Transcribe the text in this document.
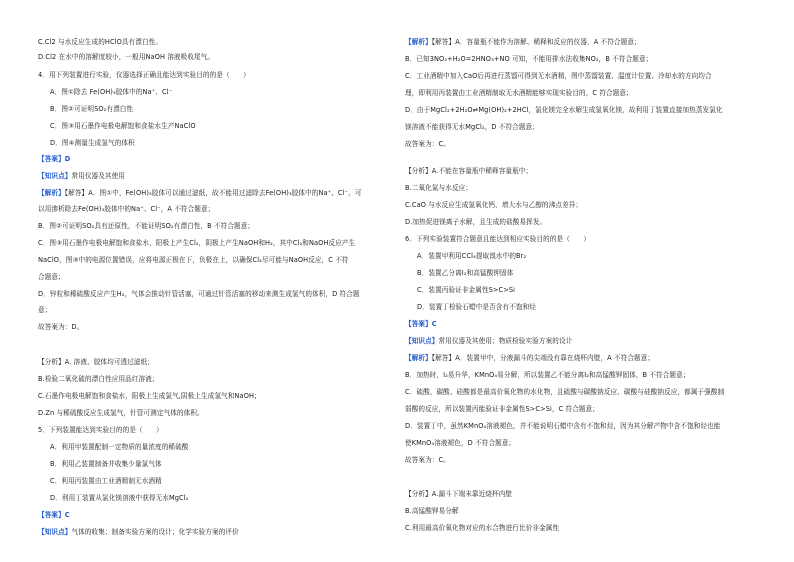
C.Cl2 与水反应生成的HClO具有漂白性。
D.Cl2 在水中的溶解度较小，一般用NaOH 溶液吸收尾气。
4．用下列装置进行实验，仪器选择正确且能达到实验目的的是（　　）
A．图①除去 Fe(OH)₃胶体中的Na⁺、Cl⁻
B．图②可证明SO₂有漂白性
C．图③用石墨作电极电解饱和食盐水生产NaClO
D．图④测量生成氢气的体积
【答案】D
【知识点】常用仪器及其使用
【解析】【解答】A．图①中，Fe(OH)₃胶体可以通过滤纸，故不能用过滤除去Fe(OH)₃胶体中的Na⁺、Cl⁻，可
以用渗析除去Fe(OH)₃胶体中的Na⁺、Cl⁻，A 不符合题意；
B．图②可证明SO₂具有还原性，不能证明SO₂有漂白性，B 不符合题意；
C．图③用石墨作电极电解饱和食盐水，阳极上产生Cl₂，阴极上产生NaOH和H₂，其中Cl₂和NaOH反应产生
NaClO，图③中的电源位置错误，应将电源正极在下，负极在上，以确保Cl₂尽可能与NaOH反应，C 不符
合题意；
D．锌粒和稀硫酸反应产生H₂，气体会推动针管活塞，可通过针管活塞的移动来测生成氢气的体积，D 符合题
意；
故答案为：D。
【分析】A. 溶液、胶体均可透过滤纸；
B.检验二氧化硫的漂白性应用品红溶液；
C.石墨作电极电解饱和食盐水，阳极上生成氯气,阴极上生成氢气和NaOH；
D.Zn 与稀硫酸反应生成氢气，针管可测定气体的体积。
5．下列装置能达到实验目的的是（　　）
A．利用甲装置配制一定物质的量浓度的稀硫酸
B．利用乙装置制备并收集少量氯气体
C．利用丙装置由工业酒精制无水酒精
D．利用丁装置从氯化镁溶液中获得无水MgCl₂
【答案】C
【知识点】气体的收集；制备实验方案的设计；化学实验方案的评价
【解析】【解答】A．容量瓶不能作为溶解、稀释和反应的仪器，A 不符合题意；
B．已知3NO₂+H₂O=2HNO₃+NO 可知，不能用排水法收集NO₂，B 不符合题意；
C．工业酒精中加入CaO后再进行蒸馏可得到无水酒精，图中蒸馏装置、温度计位置、冷却水的方向均合
理，即利用丙装置由工业酒精制取无水酒精能够实现实验目的，C 符合题意；
D．由于MgCl₂+2H₂O⇌Mg(OH)₂+2HCl，氯化镁完全水解生成氢氧化镁，故利用丁装置直接加热蒸发氯化
镁溶液不能获得无水MgCl₂，D 不符合题意；
故答案为：C。
【分析】A.不能在容量瓶中稀释容量瓶中；
B.二氧化氮与水反应；
C.CaO 与水反应生成氢氧化钙，增大水与乙醇的沸点差异；
D.加热促进镁离子水解，且生成的盐酸易挥发。
6．下列实验装置符合题意且能达到相应实验目的的是（　　）
A．装置甲利用CCl₄提取溴水中的Br₂
B．装置乙分离I₂和高锰酸钾固体
C．装置丙验证非金属性S>C>Si
D．装置丁检验石蜡中是否含有不饱和烃
【答案】C
【知识点】常用仪器及其使用；物质检验实验方案的设计
【解析】【解答】A．装置甲中，分液漏斗的尖端没有靠在烧杯内壁，A 不符合题意；
B．加热时，I₂易升华，KMnO₄易分解，所以装置乙不能分离I₂和高锰酸钾固体，B 不符合题意；
C．硫酸、碳酸、硅酸都是最高价氧化物的水化物，且硫酸与碳酸钠反应、碳酸与硅酸钠反应，都属于强酸制
弱酸的反应，所以装置丙能验证非金属性S>C>Si，C 符合题意；
D．装置丁中，虽然KMnO₄溶液褪色，并不能说明石蜡中含有不饱和烃，因为其分解产物中含不饱和烃也能
使KMnO₄溶液褪色，D 不符合题意；
故答案为：C。
【分析】A.漏斗下端未靠近烧杯内壁
B.高锰酸钾易分解
C.利用最高价氧化物对应的水合物进行比价非金属性
